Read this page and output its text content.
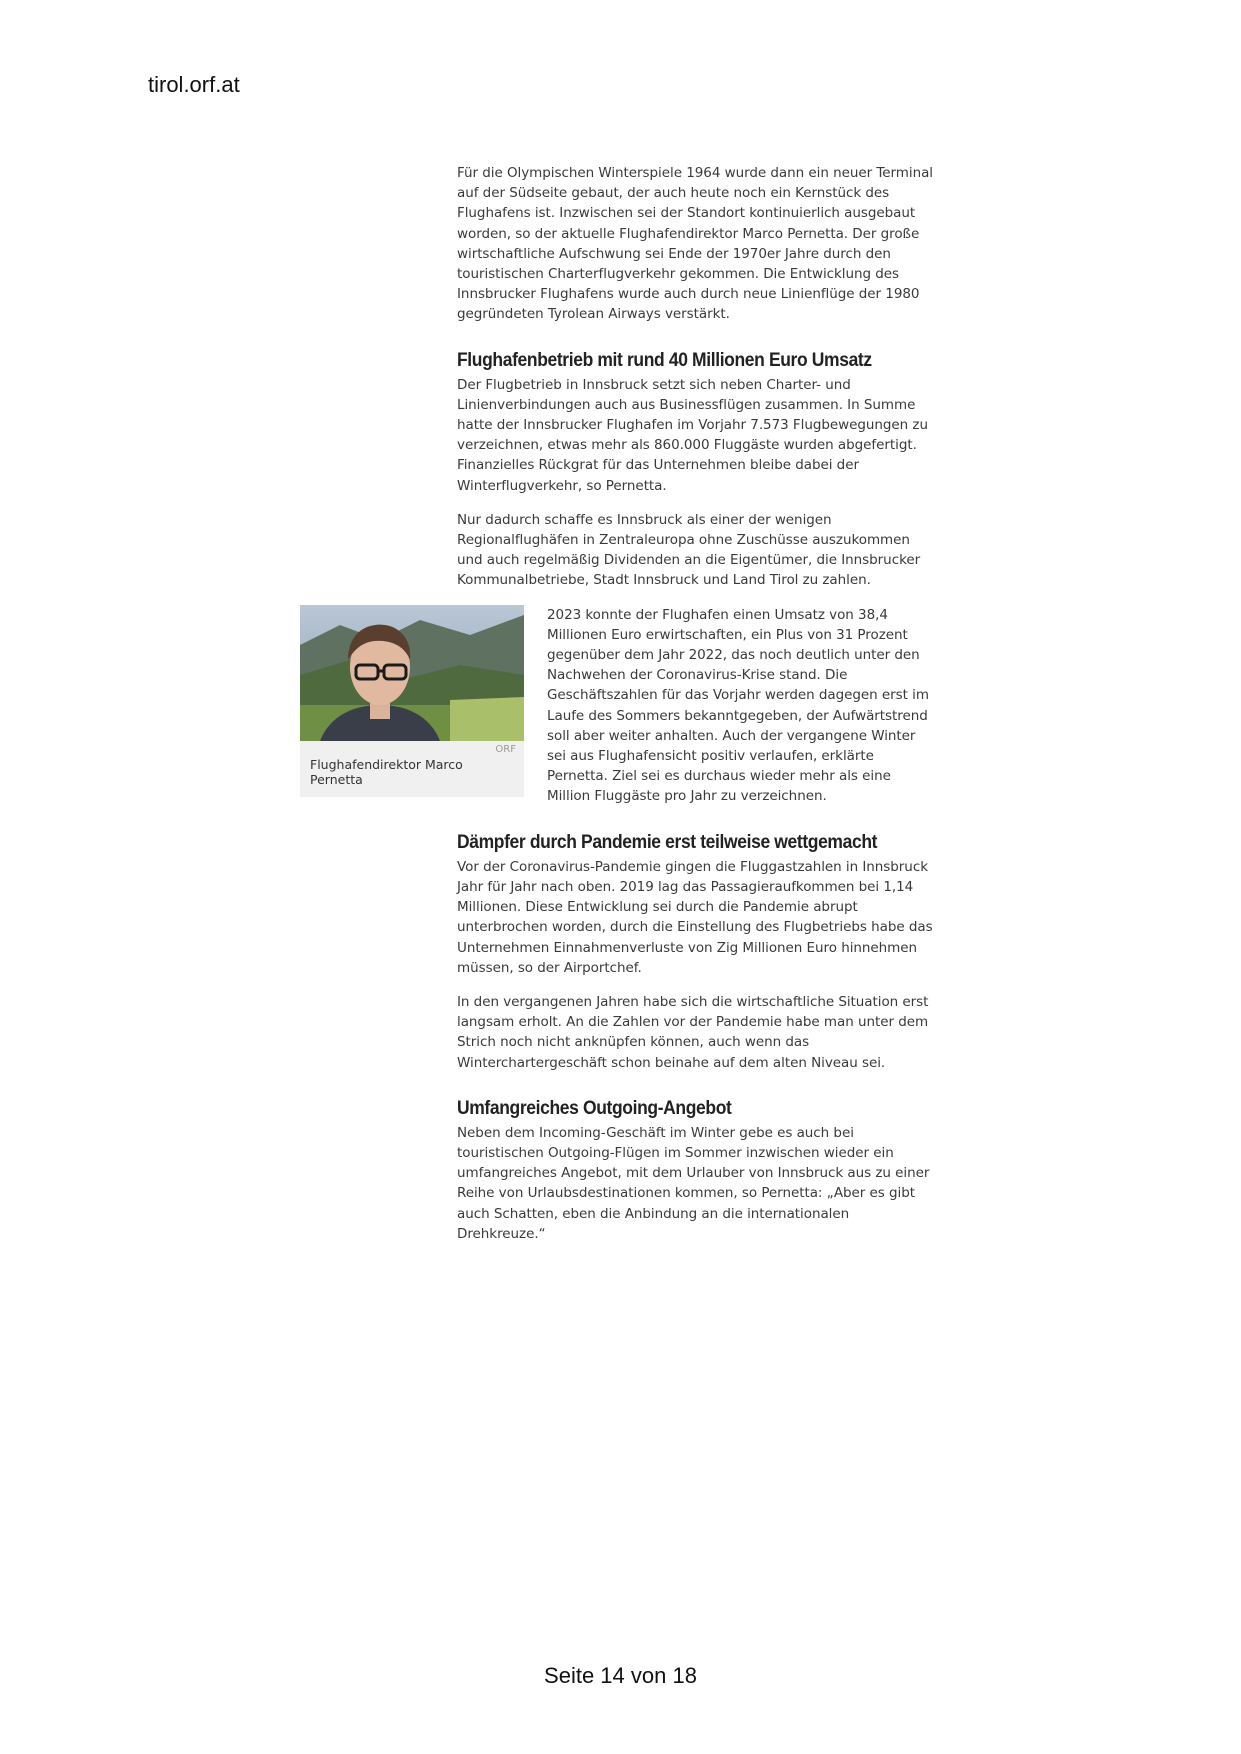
tirol.orf.at

Für die Olympischen Winterspiele 1964 wurde dann ein neuer Terminal auf der Südseite gebaut, der auch heute noch ein Kernstück des Flughafens ist. Inzwischen sei der Standort kontinuierlich ausgebaut worden, so der aktuelle Flughafendirektor Marco Pernetta. Der große wirtschaftliche Aufschwung sei Ende der 1970er Jahre durch den touristischen Charterflugverkehr gekommen. Die Entwicklung des Innsbrucker Flughafens wurde auch durch neue Linienflüge der 1980 gegründeten Tyrolean Airways verstärkt.

Flughafenbetrieb mit rund 40 Millionen Euro Umsatz

Der Flugbetrieb in Innsbruck setzt sich neben Charter- und Linienverbindungen auch aus Businessflügen zusammen. In Summe hatte der Innsbrucker Flughafen im Vorjahr 7.573 Flugbewegungen zu verzeichnen, etwas mehr als 860.000 Fluggäste wurden abgefertigt. Finanzielles Rückgrat für das Unternehmen bleibe dabei der Winterflugverkehr, so Pernetta.

Nur dadurch schaffe es Innsbruck als einer der wenigen Regionalflughäfen in Zentraleuropa ohne Zuschüsse auszukommen und auch regelmäßig Dividenden an die Eigentümer, die Innsbrucker Kommunalbetriebe, Stadt Innsbruck und Land Tirol zu zahlen.

ORF
Flughafendirektor Marco Pernetta

2023 konnte der Flughafen einen Umsatz von 38,4 Millionen Euro erwirtschaften, ein Plus von 31 Prozent gegenüber dem Jahr 2022, das noch deutlich unter den Nachwehen der Coronavirus-Krise stand. Die Geschäftszahlen für das Vorjahr werden dagegen erst im Laufe des Sommers bekanntgegeben, der Aufwärtstrend soll aber weiter anhalten. Auch der vergangene Winter sei aus Flughafensicht positiv verlaufen, erklärte Pernetta. Ziel sei es durchaus wieder mehr als eine Million Fluggäste pro Jahr zu verzeichnen.

Dämpfer durch Pandemie erst teilweise wettgemacht

Vor der Coronavirus-Pandemie gingen die Fluggastzahlen in Innsbruck Jahr für Jahr nach oben. 2019 lag das Passagieraufkommen bei 1,14 Millionen. Diese Entwicklung sei durch die Pandemie abrupt unterbrochen worden, durch die Einstellung des Flugbetriebs habe das Unternehmen Einnahmenverluste von Zig Millionen Euro hinnehmen müssen, so der Airportchef.

In den vergangenen Jahren habe sich die wirtschaftliche Situation erst langsam erholt. An die Zahlen vor der Pandemie habe man unter dem Strich noch nicht anknüpfen können, auch wenn das Winterchartergeschäft schon beinahe auf dem alten Niveau sei.

Umfangreiches Outgoing-Angebot

Neben dem Incoming-Geschäft im Winter gebe es auch bei touristischen Outgoing-Flügen im Sommer inzwischen wieder ein umfangreiches Angebot, mit dem Urlauber von Innsbruck aus zu einer Reihe von Urlaubsdestinationen kommen, so Pernetta: „Aber es gibt auch Schatten, eben die Anbindung an die internationalen Drehkreuze.“

Seite 14 von 18
